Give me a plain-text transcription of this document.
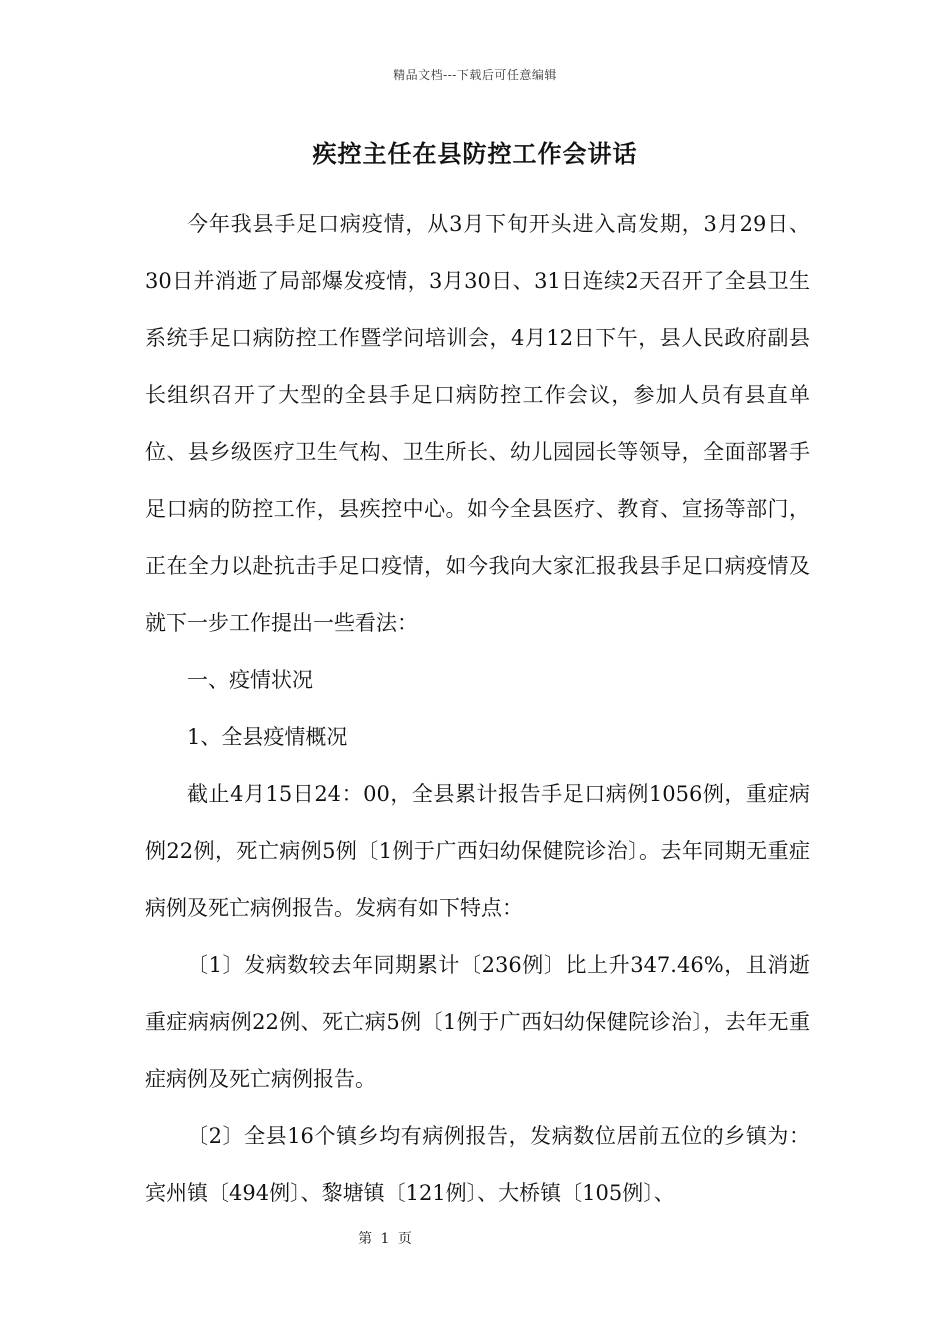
精品文档---下载后可任意编辑
疾控主任在县防控工作会讲话

今年我县手足口病疫情，从3月下旬开头进入高发期，3月29日、30日并消逝了局部爆发疫情，3月30日、31日连续2天召开了全县卫生系统手足口病防控工作暨学问培训会，4月12日下午，县人民政府副县长组织召开了大型的全县手足口病防控工作会议，参加人员有县直单位、县乡级医疗卫生气构、卫生所长、幼儿园园长等领导，全面部署手足口病的防控工作，县疾控中心。如今全县医疗、教育、宣扬等部门，正在全力以赴抗击手足口疫情，如今我向大家汇报我县手足口病疫情及就下一步工作提出一些看法：

一、疫情状况

1、全县疫情概况

截止4月15日24：00，全县累计报告手足口病例1056例，重症病例22例，死亡病例5例〔1例于广西妇幼保健院诊治〕。去年同期无重症病例及死亡病例报告。发病有如下特点：

〔1〕发病数较去年同期累计〔236例〕比上升347.46%，且消逝重症病病例22例、死亡病5例〔1例于广西妇幼保健院诊治〕，去年无重症病例及死亡病例报告。

〔2〕全县16个镇乡均有病例报告，发病数位居前五位的乡镇为：宾州镇〔494例〕、黎塘镇〔121例〕、大桥镇〔105例〕、

第 1 页
